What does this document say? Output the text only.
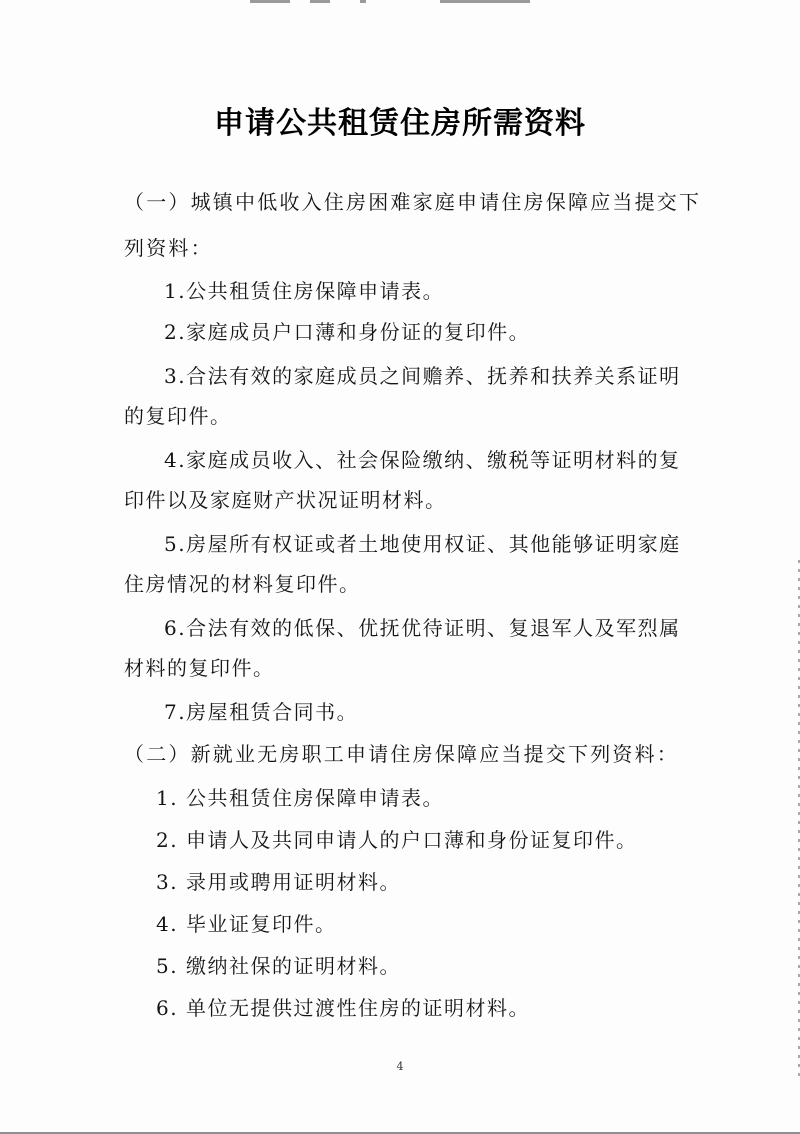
申请公共租赁住房所需资料
（一）城镇中低收入住房困难家庭申请住房保障应当提交下
列资料：
1.公共租赁住房保障申请表。
2.家庭成员户口薄和身份证的复印件。
3.合法有效的家庭成员之间赡养、抚养和扶养关系证明
的复印件。
4.家庭成员收入、社会保险缴纳、缴税等证明材料的复
印件以及家庭财产状况证明材料。
5.房屋所有权证或者土地使用权证、其他能够证明家庭
住房情况的材料复印件。
6.合法有效的低保、优抚优待证明、复退军人及军烈属
材料的复印件。
7.房屋租赁合同书。
（二）新就业无房职工申请住房保障应当提交下列资料：
1. 公共租赁住房保障申请表。
2. 申请人及共同申请人的户口薄和身份证复印件。
3. 录用或聘用证明材料。
4. 毕业证复印件。
5. 缴纳社保的证明材料。
6. 单位无提供过渡性住房的证明材料。
4
